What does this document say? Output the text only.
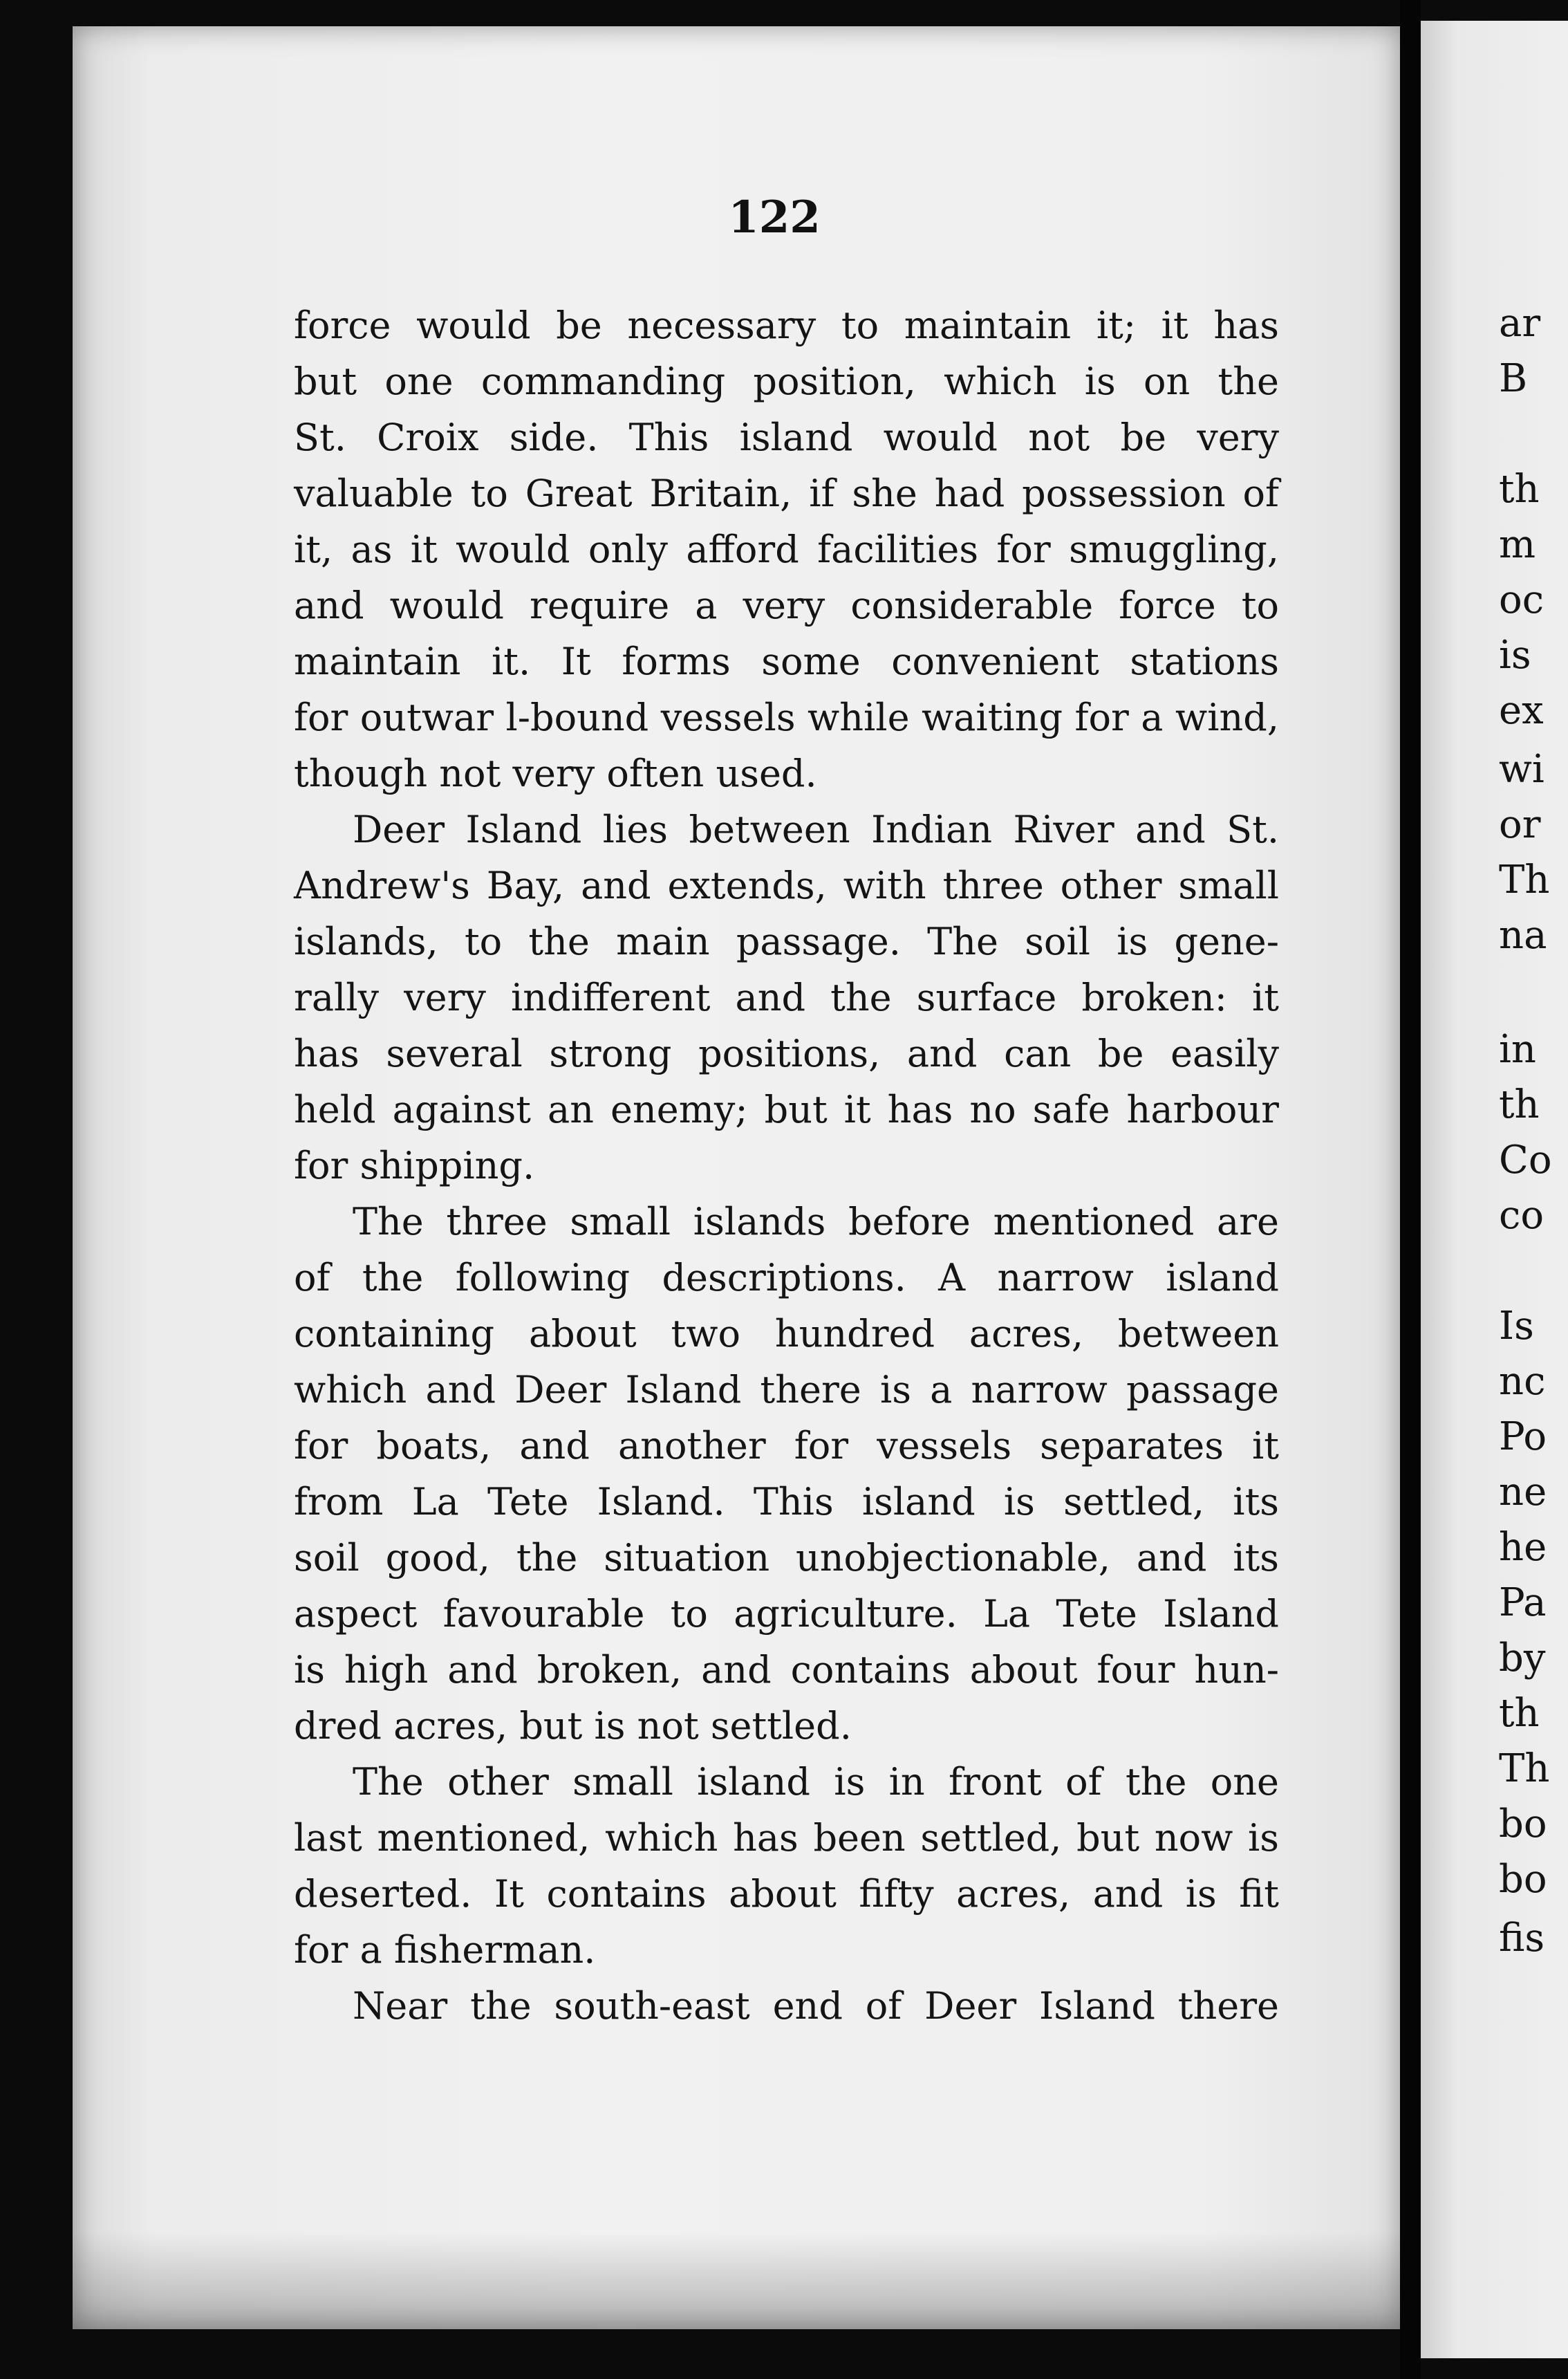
122
force would be necessary to maintain it; it has
but one commanding position, which is on the
St. Croix side. This island would not be very
valuable to Great Britain, if she had possession of
it, as it would only afford facilities for smuggling,
and would require a very considerable force to
maintain it. It forms some convenient stations
for outwar l-bound vessels while waiting for a wind,
though not very often used.
Deer Island lies between Indian River and St.
Andrew's Bay, and extends, with three other small
islands, to the main passage. The soil is gene-
rally very indifferent and the surface broken: it
has several strong positions, and can be easily
held against an enemy; but it has no safe harbour
for shipping.
The three small islands before mentioned are
of the following descriptions. A narrow island
containing about two hundred acres, between
which and Deer Island there is a narrow passage
for boats, and another for vessels separates it
from La Tete Island. This island is settled, its
soil good, the situation unobjectionable, and its
aspect favourable to agriculture. La Tete Island
is high and broken, and contains about four hun-
dred acres, but is not settled.
The other small island is in front of the one
last mentioned, which has been settled, but now is
deserted. It contains about fifty acres, and is fit
for a fisherman.
Near the south-east end of Deer Island there
ar
B
th
m
oc
is
ex
wi
or
Th
na
in
th
Co
co
Is
nc
Po
ne
he
Pa
by
th
Th
bo
bo
fis
